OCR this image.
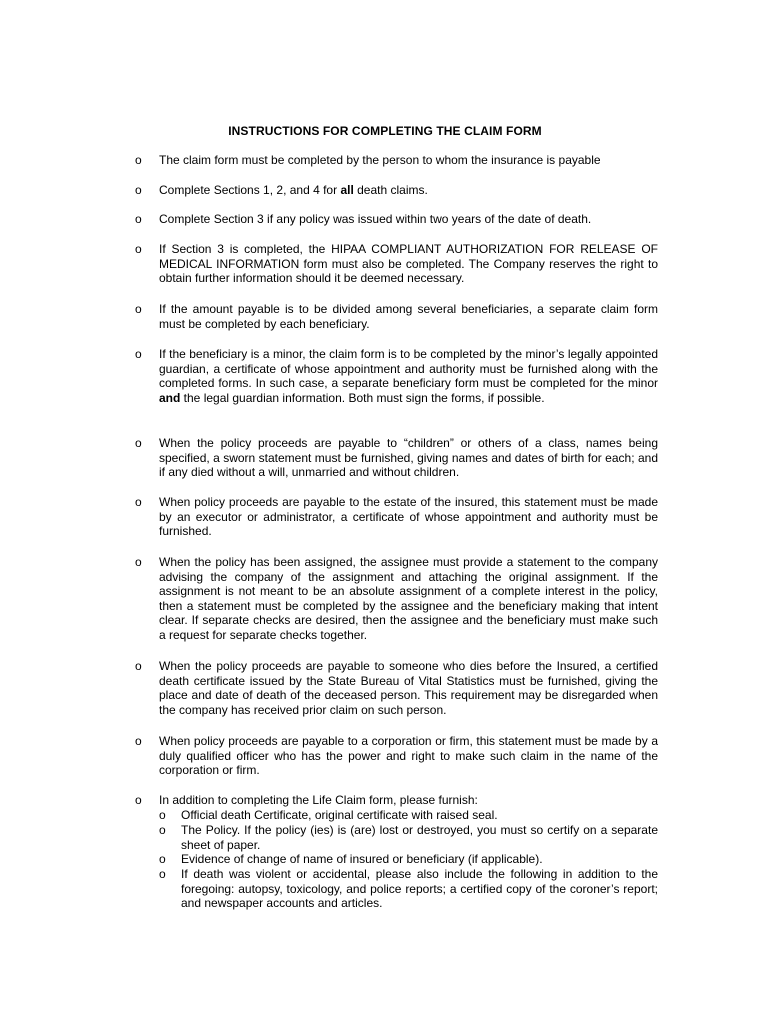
INSTRUCTIONS FOR COMPLETING THE CLAIM FORM
o The claim form must be completed by the person to whom the insurance is payable
o Complete Sections 1, 2, and 4 for all death claims.
o Complete Section 3 if any policy was issued within two years of the date of death.
o If Section 3 is completed, the HIPAA COMPLIANT AUTHORIZATION FOR RELEASE OF MEDICAL INFORMATION form must also be completed. The Company reserves the right to obtain further information should it be deemed necessary.
o If the amount payable is to be divided among several beneficiaries, a separate claim form must be completed by each beneficiary.
o If the beneficiary is a minor, the claim form is to be completed by the minor’s legally appointed guardian, a certificate of whose appointment and authority must be furnished along with the completed forms. In such case, a separate beneficiary form must be completed for the minor and the legal guardian information. Both must sign the forms, if possible.
o When the policy proceeds are payable to “children” or others of a class, names being specified, a sworn statement must be furnished, giving names and dates of birth for each; and if any died without a will, unmarried and without children.
o When policy proceeds are payable to the estate of the insured, this statement must be made by an executor or administrator, a certificate of whose appointment and authority must be furnished.
o When the policy has been assigned, the assignee must provide a statement to the company advising the company of the assignment and attaching the original assignment. If the assignment is not meant to be an absolute assignment of a complete interest in the policy, then a statement must be completed by the assignee and the beneficiary making that intent clear. If separate checks are desired, then the assignee and the beneficiary must make such a request for separate checks together.
o When the policy proceeds are payable to someone who dies before the Insured, a certified death certificate issued by the State Bureau of Vital Statistics must be furnished, giving the place and date of death of the deceased person. This requirement may be disregarded when the company has received prior claim on such person.
o When policy proceeds are payable to a corporation or firm, this statement must be made by a duly qualified officer who has the power and right to make such claim in the name of the corporation or firm.
o In addition to completing the Life Claim form, please furnish:
o Official death Certificate, original certificate with raised seal.
o The Policy. If the policy (ies) is (are) lost or destroyed, you must so certify on a separate sheet of paper.
o Evidence of change of name of insured or beneficiary (if applicable).
o If death was violent or accidental, please also include the following in addition to the foregoing: autopsy, toxicology, and police reports; a certified copy of the coroner’s report; and newspaper accounts and articles.
